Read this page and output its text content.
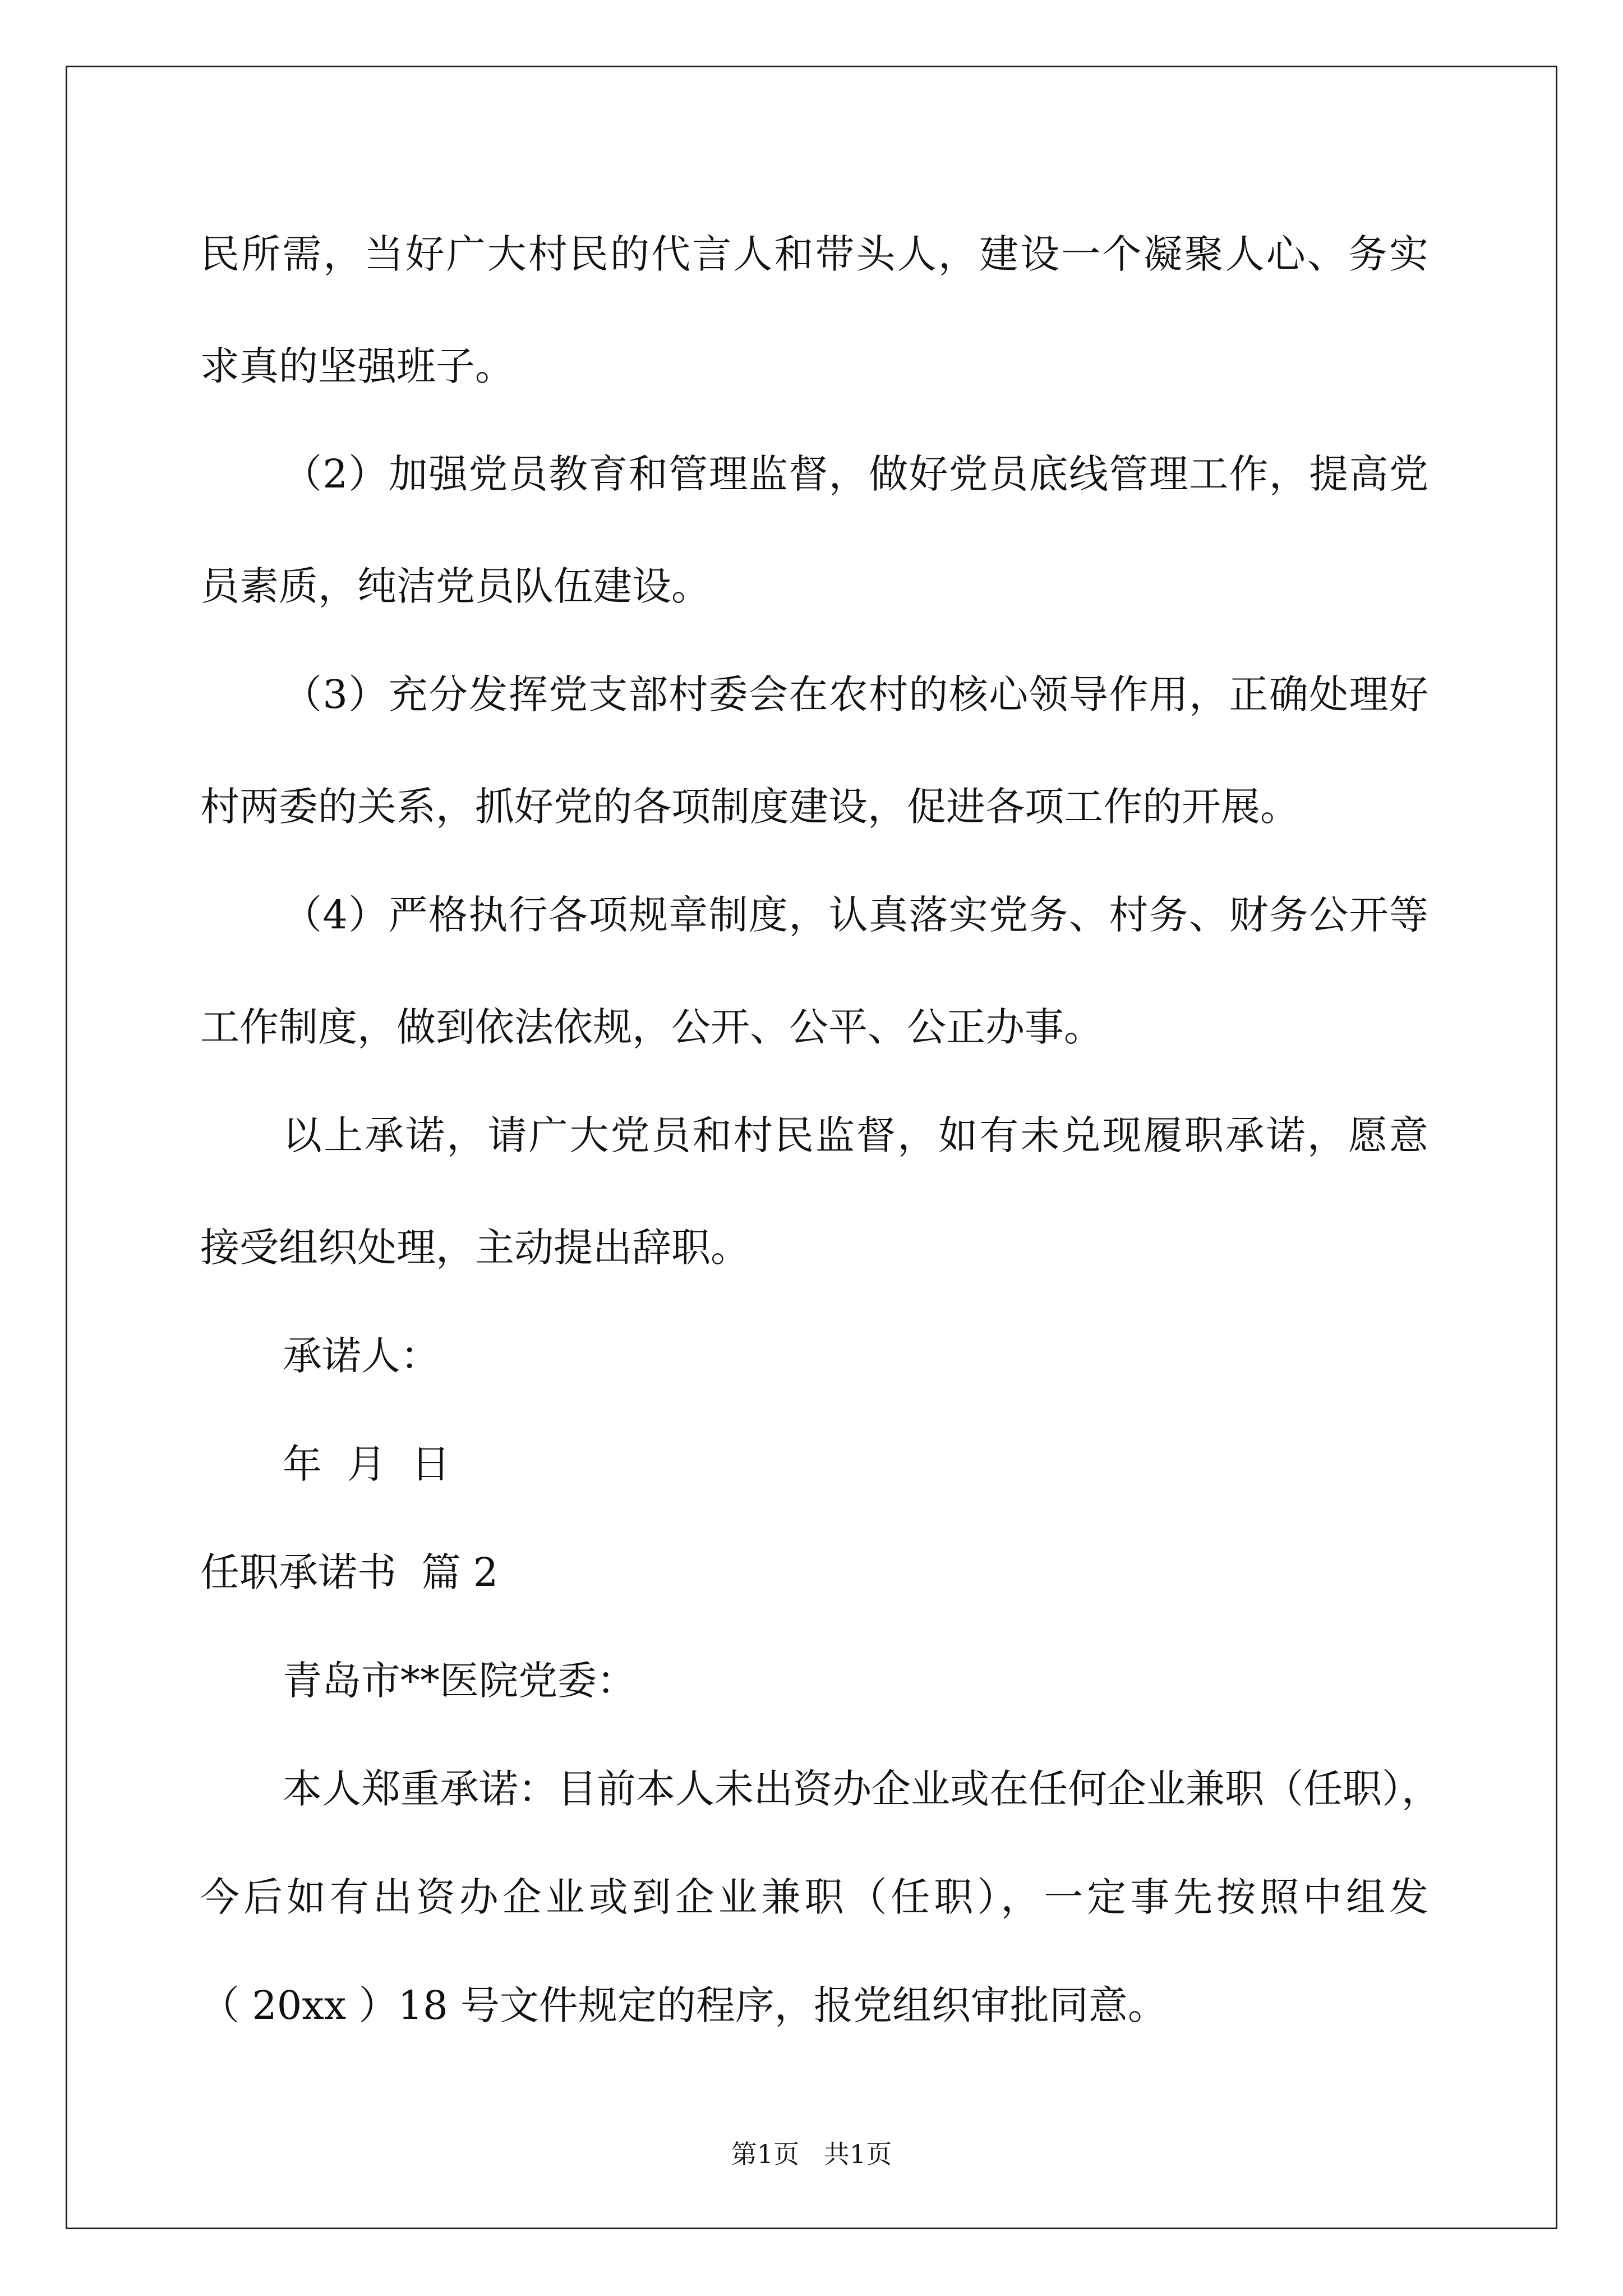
民所需，当好广大村民的代言人和带头人，建设一个凝聚人心、务实
求真的坚强班子。
（2）加强党员教育和管理监督，做好党员底线管理工作，提高党
员素质，纯洁党员队伍建设。
（3）充分发挥党支部村委会在农村的核心领导作用，正确处理好
村两委的关系，抓好党的各项制度建设，促进各项工作的开展。
（4）严格执行各项规章制度，认真落实党务、村务、财务公开等
工作制度，做到依法依规，公开、公平、公正办事。
以上承诺，请广大党员和村民监督，如有未兑现履职承诺，愿意
接受组织处理，主动提出辞职。
承诺人：
年  月  日
任职承诺书  篇 2
青岛市**医院党委：
本人郑重承诺：目前本人未出资办企业或在任何企业兼职（任职），
今后如有出资办企业或到企业兼职（任职），一定事先按照中组发
（ 20xx ）18 号文件规定的程序，报党组织审批同意。
第1页   共1页
